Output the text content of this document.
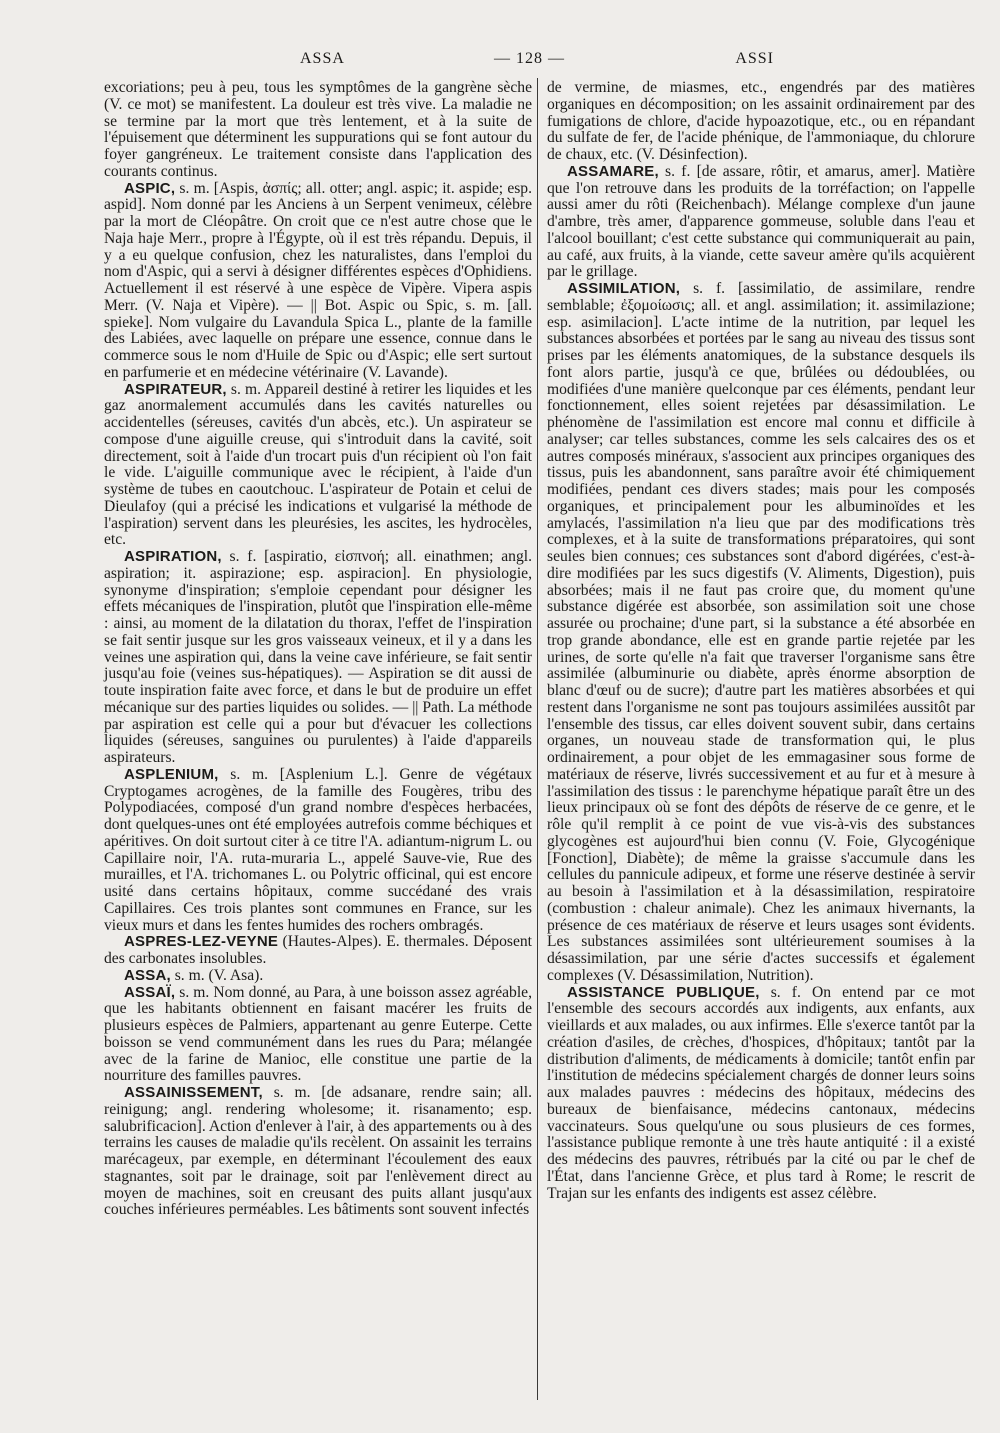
ASSA	— 128 —	ASSI

excoriations; peu à peu, tous les symptômes de la gangrène sèche (V. ce mot) se manifestent. La douleur est très vive. La maladie ne se termine par la mort que très lentement, et à la suite de l'épuisement que déterminent les suppurations qui se font autour du foyer gangréneux. Le traitement consiste dans l'application des courants continus.

ASPIC, s. m. [Aspis, ἀσπίς; all. otter; angl. aspic; it. aspide; esp. aspid]. Nom donné par les Anciens à un Serpent venimeux, célèbre par la mort de Cléopâtre. On croit que ce n'est autre chose que le Naja haje Merr., propre à l'Égypte, où il est très répandu. Depuis, il y a eu quelque confusion, chez les naturalistes, dans l'emploi du nom d'Aspic, qui a servi à désigner différentes espèces d'Ophidiens. Actuellement il est réservé à une espèce de Vipère. Vipera aspis Merr. (V. Naja et Vipère). — || Bot. Aspic ou Spic, s. m. [all. spieke]. Nom vulgaire du Lavandula Spica L., plante de la famille des Labiées, avec laquelle on prépare une essence, connue dans le commerce sous le nom d'Huile de Spic ou d'Aspic; elle sert surtout en parfumerie et en médecine vétérinaire (V. Lavande).

ASPIRATEUR, s. m. Appareil destiné à retirer les liquides et les gaz anormalement accumulés dans les cavités naturelles ou accidentelles (séreuses, cavités d'un abcès, etc.). Un aspirateur se compose d'une aiguille creuse, qui s'introduit dans la cavité, soit directement, soit à l'aide d'un trocart puis d'un récipient où l'on fait le vide. L'aiguille communique avec le récipient, à l'aide d'un système de tubes en caoutchouc. L'aspirateur de Potain et celui de Dieulafoy (qui a précisé les indications et vulgarisé la méthode de l'aspiration) servent dans les pleurésies, les ascites, les hydrocèles, etc.

ASPIRATION, s. f. [aspiratio, εἰσπνοή; all. einathmen; angl. aspiration; it. aspirazione; esp. aspiracion]. En physiologie, synonyme d'inspiration; s'emploie cependant pour désigner les effets mécaniques de l'inspiration, plutôt que l'inspiration elle-même : ainsi, au moment de la dilatation du thorax, l'effet de l'inspiration se fait sentir jusque sur les gros vaisseaux veineux, et il y a dans les veines une aspiration qui, dans la veine cave inférieure, se fait sentir jusqu'au foie (veines sus-hépatiques). — Aspiration se dit aussi de toute inspiration faite avec force, et dans le but de produire un effet mécanique sur des parties liquides ou solides. — || Path. La méthode par aspiration est celle qui a pour but d'évacuer les collections liquides (séreuses, sanguines ou purulentes) à l'aide d'appareils aspirateurs.

ASPLENIUM, s. m. [Asplenium L.]. Genre de végétaux Cryptogames acrogènes, de la famille des Fougères, tribu des Polypodiacées, composé d'un grand nombre d'espèces herbacées, dont quelques-unes ont été employées autrefois comme béchiques et apéritives. On doit surtout citer à ce titre l'A. adiantum-nigrum L. ou Capillaire noir, l'A. ruta-muraria L., appelé Sauve-vie, Rue des murailles, et l'A. trichomanes L. ou Polytric officinal, qui est encore usité dans certains hôpitaux, comme succédané des vrais Capillaires. Ces trois plantes sont communes en France, sur les vieux murs et dans les fentes humides des rochers ombragés.

ASPRES-LEZ-VEYNE (Hautes-Alpes). E. thermales. Déposent des carbonates insolubles.

ASSA, s. m. (V. Asa).

ASSAÏ, s. m. Nom donné, au Para, à une boisson assez agréable, que les habitants obtiennent en faisant macérer les fruits de plusieurs espèces de Palmiers, appartenant au genre Euterpe. Cette boisson se vend communément dans les rues du Para; mélangée avec de la farine de Manioc, elle constitue une partie de la nourriture des familles pauvres.

ASSAINISSEMENT, s. m. [de adsanare, rendre sain; all. reinigung; angl. rendering wholesome; it. risanamento; esp. salubrificacion]. Action d'enlever à l'air, à des appartements ou à des terrains les causes de maladie qu'ils recèlent. On assainit les terrains marécageux, par exemple, en déterminant l'écoulement des eaux stagnantes, soit par le drainage, soit par l'enlèvement direct au moyen de machines, soit en creusant des puits allant jusqu'aux couches inférieures perméables. Les bâtiments sont souvent infectés

de vermine, de miasmes, etc., engendrés par des matières organiques en décomposition; on les assainit ordinairement par des fumigations de chlore, d'acide hypoazotique, etc., ou en répandant du sulfate de fer, de l'acide phénique, de l'ammoniaque, du chlorure de chaux, etc. (V. Désinfection).

ASSAMARE, s. f. [de assare, rôtir, et amarus, amer]. Matière que l'on retrouve dans les produits de la torréfaction; on l'appelle aussi amer du rôti (Reichenbach). Mélange complexe d'un jaune d'ambre, très amer, d'apparence gommeuse, soluble dans l'eau et l'alcool bouillant; c'est cette substance qui communiquerait au pain, au café, aux fruits, à la viande, cette saveur amère qu'ils acquièrent par le grillage.

ASSIMILATION, s. f. [assimilatio, de assimilare, rendre semblable; ἐξομοίωσις; all. et angl. assimilation; it. assimilazione; esp. asimilacion]. L'acte intime de la nutrition, par lequel les substances absorbées et portées par le sang au niveau des tissus sont prises par les éléments anatomiques, de la substance desquels ils font alors partie, jusqu'à ce que, brûlées ou dédoublées, ou modifiées d'une manière quelconque par ces éléments, pendant leur fonctionnement, elles soient rejetées par désassimilation. Le phénomène de l'assimilation est encore mal connu et difficile à analyser; car telles substances, comme les sels calcaires des os et autres composés minéraux, s'associent aux principes organiques des tissus, puis les abandonnent, sans paraître avoir été chimiquement modifiées, pendant ces divers stades; mais pour les composés organiques, et principalement pour les albuminoïdes et les amylacés, l'assimilation n'a lieu que par des modifications très complexes, et à la suite de transformations préparatoires, qui sont seules bien connues; ces substances sont d'abord digérées, c'est-à-dire modifiées par les sucs digestifs (V. Aliments, Digestion), puis absorbées; mais il ne faut pas croire que, du moment qu'une substance digérée est absorbée, son assimilation soit une chose assurée ou prochaine; d'une part, si la substance a été absorbée en trop grande abondance, elle est en grande partie rejetée par les urines, de sorte qu'elle n'a fait que traverser l'organisme sans être assimilée (albuminurie ou diabète, après énorme absorption de blanc d'œuf ou de sucre); d'autre part les matières absorbées et qui restent dans l'organisme ne sont pas toujours assimilées aussitôt par l'ensemble des tissus, car elles doivent souvent subir, dans certains organes, un nouveau stade de transformation qui, le plus ordinairement, a pour objet de les emmagasiner sous forme de matériaux de réserve, livrés successivement et au fur et à mesure à l'assimilation des tissus : le parenchyme hépatique paraît être un des lieux principaux où se font des dépôts de réserve de ce genre, et le rôle qu'il remplit à ce point de vue vis-à-vis des substances glycogènes est aujourd'hui bien connu (V. Foie, Glycogénique [Fonction], Diabète); de même la graisse s'accumule dans les cellules du pannicule adipeux, et forme une réserve destinée à servir au besoin à l'assimilation et à la désassimilation, respiratoire (combustion : chaleur animale). Chez les animaux hivernants, la présence de ces matériaux de réserve et leurs usages sont évidents. Les substances assimilées sont ultérieurement soumises à la désassimilation, par une série d'actes successifs et également complexes (V. Désassimilation, Nutrition).

ASSISTANCE PUBLIQUE, s. f. On entend par ce mot l'ensemble des secours accordés aux indigents, aux enfants, aux vieillards et aux malades, ou aux infirmes. Elle s'exerce tantôt par la création d'asiles, de crèches, d'hospices, d'hôpitaux; tantôt par la distribution d'aliments, de médicaments à domicile; tantôt enfin par l'institution de médecins spécialement chargés de donner leurs soins aux malades pauvres : médecins des hôpitaux, médecins des bureaux de bienfaisance, médecins cantonaux, médecins vaccinateurs. Sous quelqu'une ou sous plusieurs de ces formes, l'assistance publique remonte à une très haute antiquité : il a existé des médecins des pauvres, rétribués par la cité ou par le chef de l'État, dans l'ancienne Grèce, et plus tard à Rome; le rescrit de Trajan sur les enfants des indigents est assez célèbre.
